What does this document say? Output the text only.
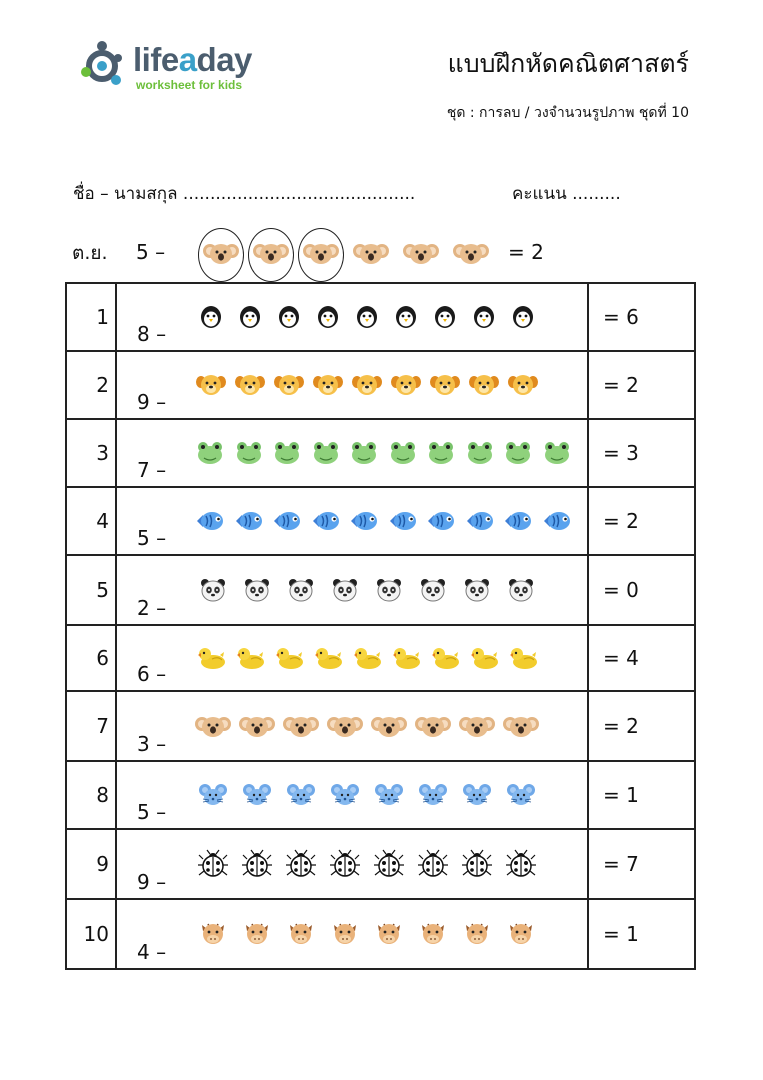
lifeaday
worksheet for kids
แบบฝึกหัดคณิตศาสตร์
ชุด : การลบ / วงจำนวนรูปภาพ ชุดที่ 10
ชื่อ – นามสกุล ...........................................	คะแนน .........
ต.ย. 5 –	= 2
1	8 –	= 6
2	9 –	= 2
3	7 –	= 3
4	5 –	= 2
5	2 –	= 0
6	6 –	= 4
7	3 –	= 2
8	5 –	= 1
9	9 –	= 7
10	4 –	= 1
